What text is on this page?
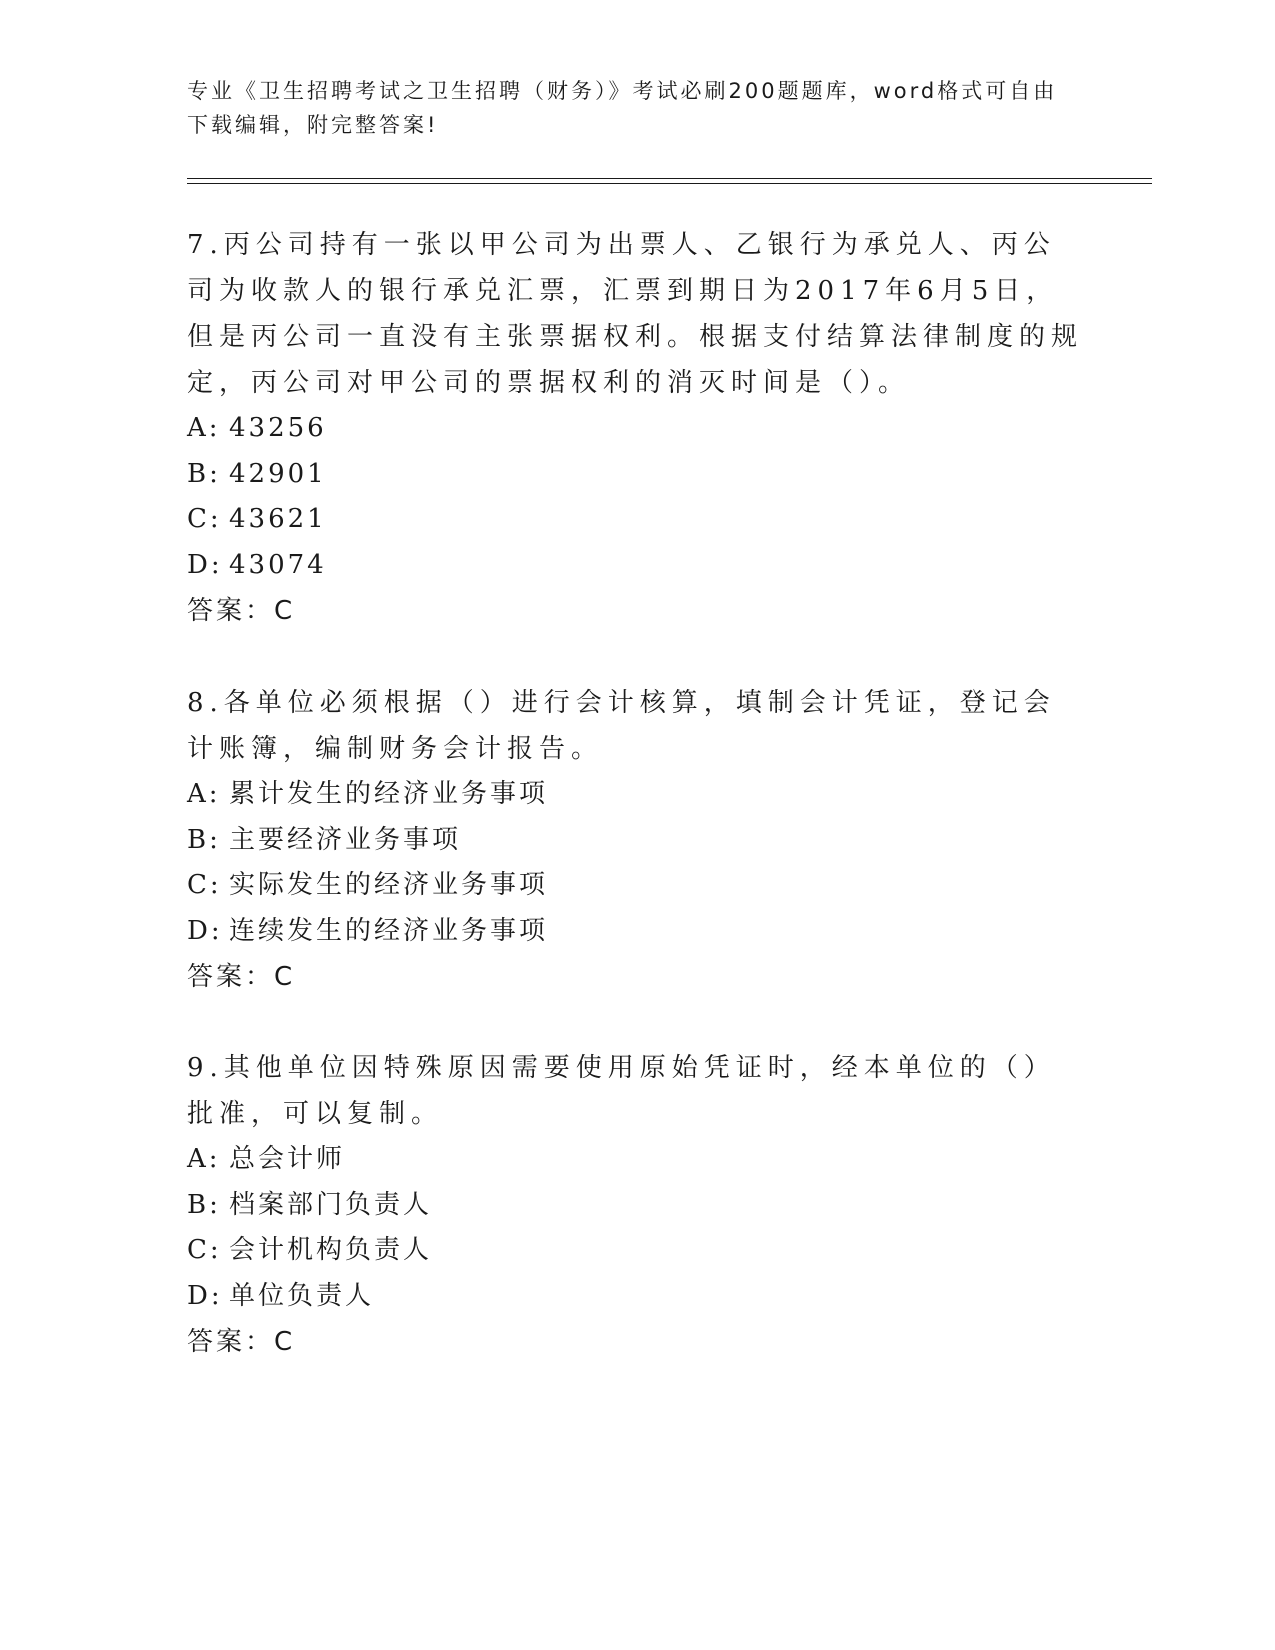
专业《卫生招聘考试之卫生招聘（财务）》考试必刷200题题库，word格式可自由下载编辑，附完整答案!

7.丙公司持有一张以甲公司为出票人、乙银行为承兑人、丙公司为收款人的银行承兑汇票，汇票到期日为2017年6月5日，但是丙公司一直没有主张票据权利。根据支付结算法律制度的规定，丙公司对甲公司的票据权利的消灭时间是（）。

A: 43256

B: 42901

C: 43621

D: 43074

答案：C

8.各单位必须根据（）进行会计核算，填制会计凭证，登记会计账簿，编制财务会计报告。

A: 累计发生的经济业务事项

B: 主要经济业务事项

C: 实际发生的经济业务事项

D: 连续发生的经济业务事项

答案：C

9.其他单位因特殊原因需要使用原始凭证时，经本单位的（）批准，可以复制。

A: 总会计师

B: 档案部门负责人

C: 会计机构负责人

D: 单位负责人

答案：C
